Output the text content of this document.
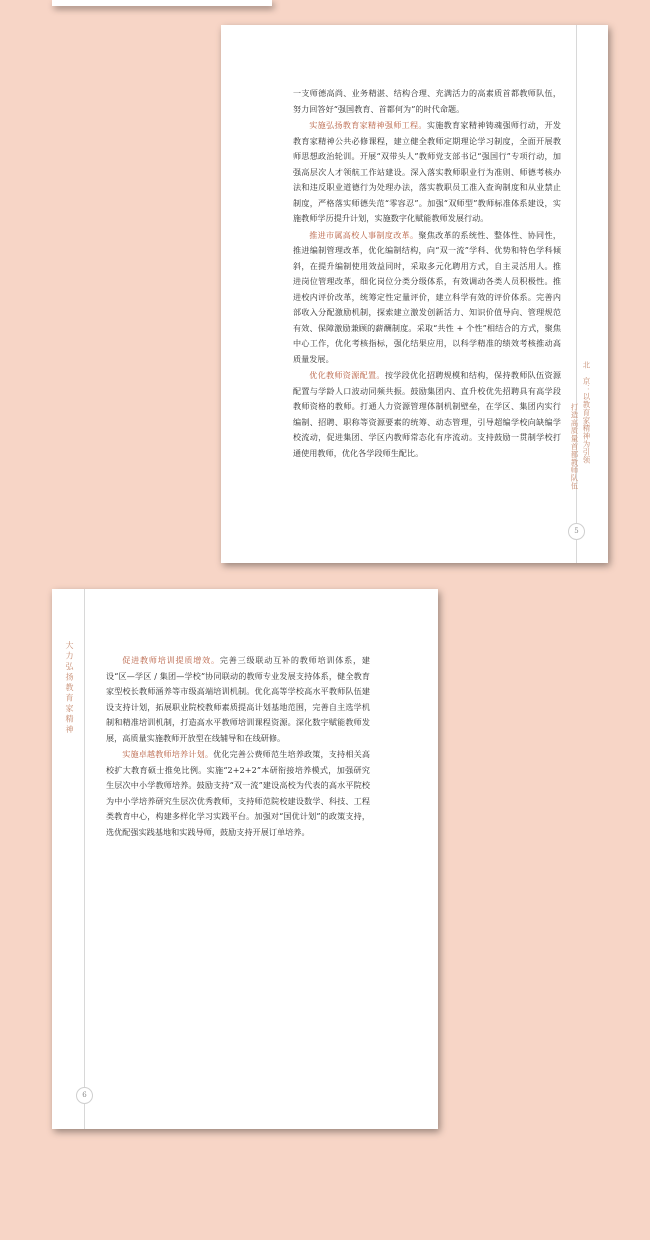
一支师德高尚、业务精湛、结构合理、充满活力的高素质首都教师队伍，努力回答好“强国教育、首都何为”的时代命题。

实施弘扬教育家精神强师工程。实施教育家精神铸魂强师行动，开发教育家精神公共必修课程，建立健全教师定期理论学习制度，全面开展教师思想政治轮训。开展“双带头人”教师党支部书记“强国行”专项行动，加强高层次人才领航工作站建设。深入落实教师职业行为准则、师德考核办法和违反职业道德行为处理办法，落实教职员工准入查询制度和从业禁止制度，严格落实师德失范“零容忍”。加强“双师型”教师标准体系建设，实施教师学历提升计划，实施数字化赋能教师发展行动。

推进市属高校人事制度改革。聚焦改革的系统性、整体性、协同性，推进编制管理改革，优化编制结构，向“双一流”学科、优势和特色学科倾斜，在提升编制使用效益同时，采取多元化聘用方式，自主灵活用人。推进岗位管理改革，细化岗位分类分级体系，有效调动各类人员积极性。推进校内评价改革，统筹定性定量评价，建立科学有效的评价体系。完善内部收入分配激励机制，探索建立激发创新活力、知识价值导向、管理规范有效、保障激励兼顾的薪酬制度。采取“共性 + 个性”相结合的方式，聚焦中心工作，优化考核指标，强化结果应用，以科学精准的绩效考核推动高质量发展。

优化教师资源配置。按学段优化招聘规模和结构，保持教师队伍资源配置与学龄人口波动同频共振。鼓励集团内、直升校优先招聘具有高学段教师资格的教师。打通人力资源管理体制机制壁垒，在学区、集团内实行编制、招聘、职称等资源要素的统筹、动态管理，引导超编学校向缺编学校流动，促进集团、学区内教师常态化有序流动。支持鼓励一贯制学校打通使用教师，优化各学段师生配比。	北　京：以教育家精神为引领
打造高质量首都教师队伍
5
大力弘扬教育家精神	促进教师培训提质增效。完善三级联动互补的教师培训体系，建设“区—学区 / 集团—学校”协同联动的教师专业发展支持体系，健全教育家型校长教师涵养等市级高端培训机制。优化高等学校高水平教师队伍建设支持计划，拓展职业院校教师素质提高计划基地范围，完善自主选学机制和精准培训机制，打造高水平教师培训课程资源。深化数字赋能教师发展，高质量实施教师开放型在线辅导和在线研修。

实施卓越教师培养计划。优化完善公费师范生培养政策，支持相关高校扩大教育硕士推免比例。实施“2+2+2”本研衔接培养模式，加强研究生层次中小学教师培养。鼓励支持“双一流”建设高校为代表的高水平院校为中小学培养研究生层次优秀教师，支持师范院校建设数学、科技、工程类教育中心，构建多样化学习实践平台。加强对“国优计划”的政策支持，选优配强实践基地和实践导师，鼓励支持开展订单培养。

6
